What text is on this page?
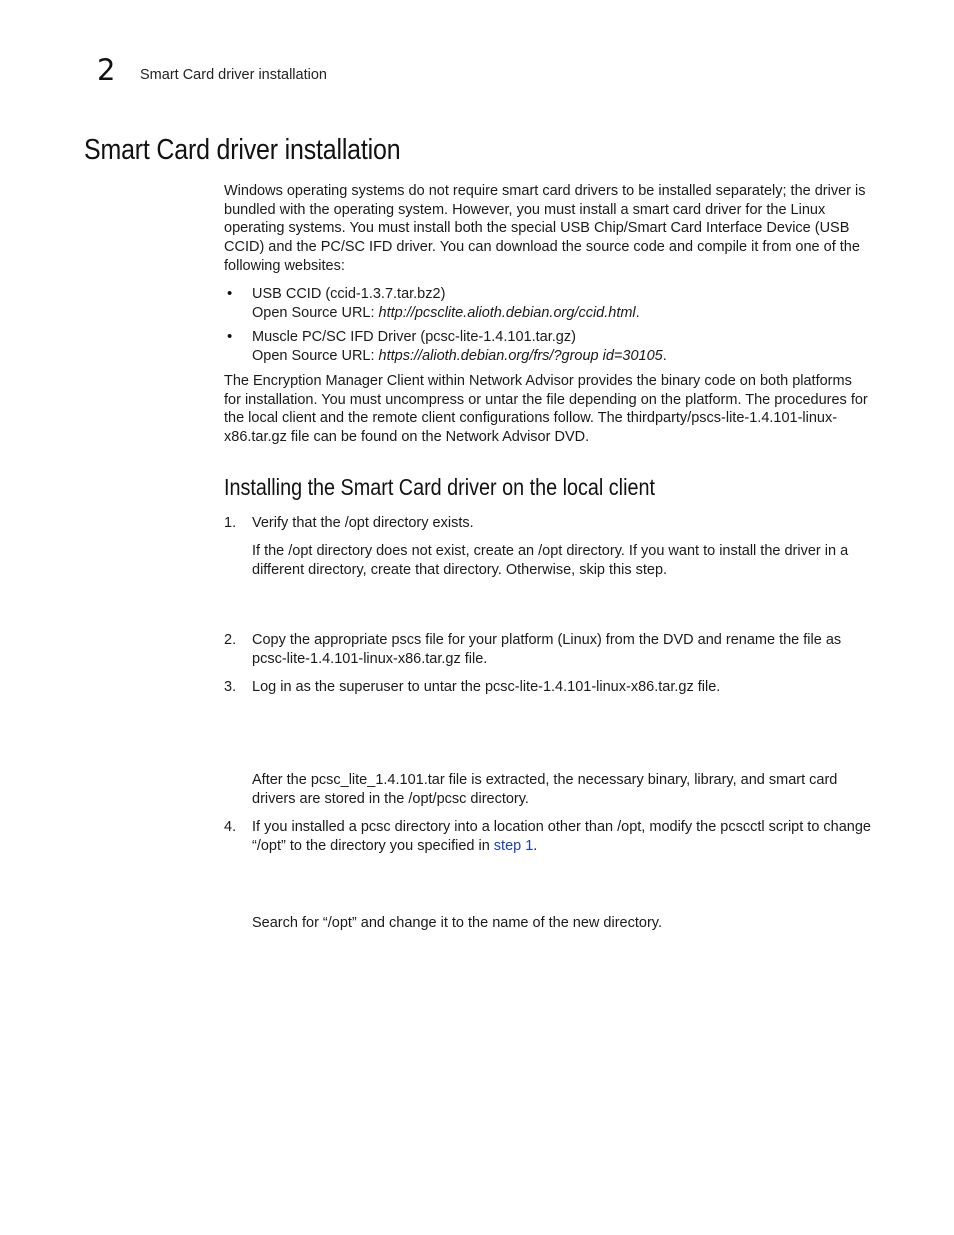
2 Smart Card driver installation
Smart Card driver installation
Windows operating systems do not require smart card drivers to be installed separately; the driver is bundled with the operating system. However, you must install a smart card driver for the Linux operating systems. You must install both the special USB Chip/Smart Card Interface Device (USB CCID) and the PC/SC IFD driver. You can download the source code and compile it from one of the following websites:
• USB CCID (ccid-1.3.7.tar.bz2)
Open Source URL: http://pcsclite.alioth.debian.org/ccid.html.
• Muscle PC/SC IFD Driver (pcsc-lite-1.4.101.tar.gz)
Open Source URL: https://alioth.debian.org/frs/?group id=30105.
The Encryption Manager Client within Network Advisor provides the binary code on both platforms for installation. You must uncompress or untar the file depending on the platform. The procedures for the local client and the remote client configurations follow. The thirdparty/pscs-lite-1.4.101-linux-x86.tar.gz file can be found on the Network Advisor DVD.
Installing the Smart Card driver on the local client
1. Verify that the /opt directory exists.
If the /opt directory does not exist, create an /opt directory. If you want to install the driver in a different directory, create that directory. Otherwise, skip this step.
2. Copy the appropriate pscs file for your platform (Linux) from the DVD and rename the file as pcsc-lite-1.4.101-linux-x86.tar.gz file.
3. Log in as the superuser to untar the pcsc-lite-1.4.101-linux-x86.tar.gz file.
After the pcsc_lite_1.4.101.tar file is extracted, the necessary binary, library, and smart card drivers are stored in the /opt/pcsc directory.
4. If you installed a pcsc directory into a location other than /opt, modify the pcscctl script to change “/opt” to the directory you specified in step 1.
Search for “/opt” and change it to the name of the new directory.
